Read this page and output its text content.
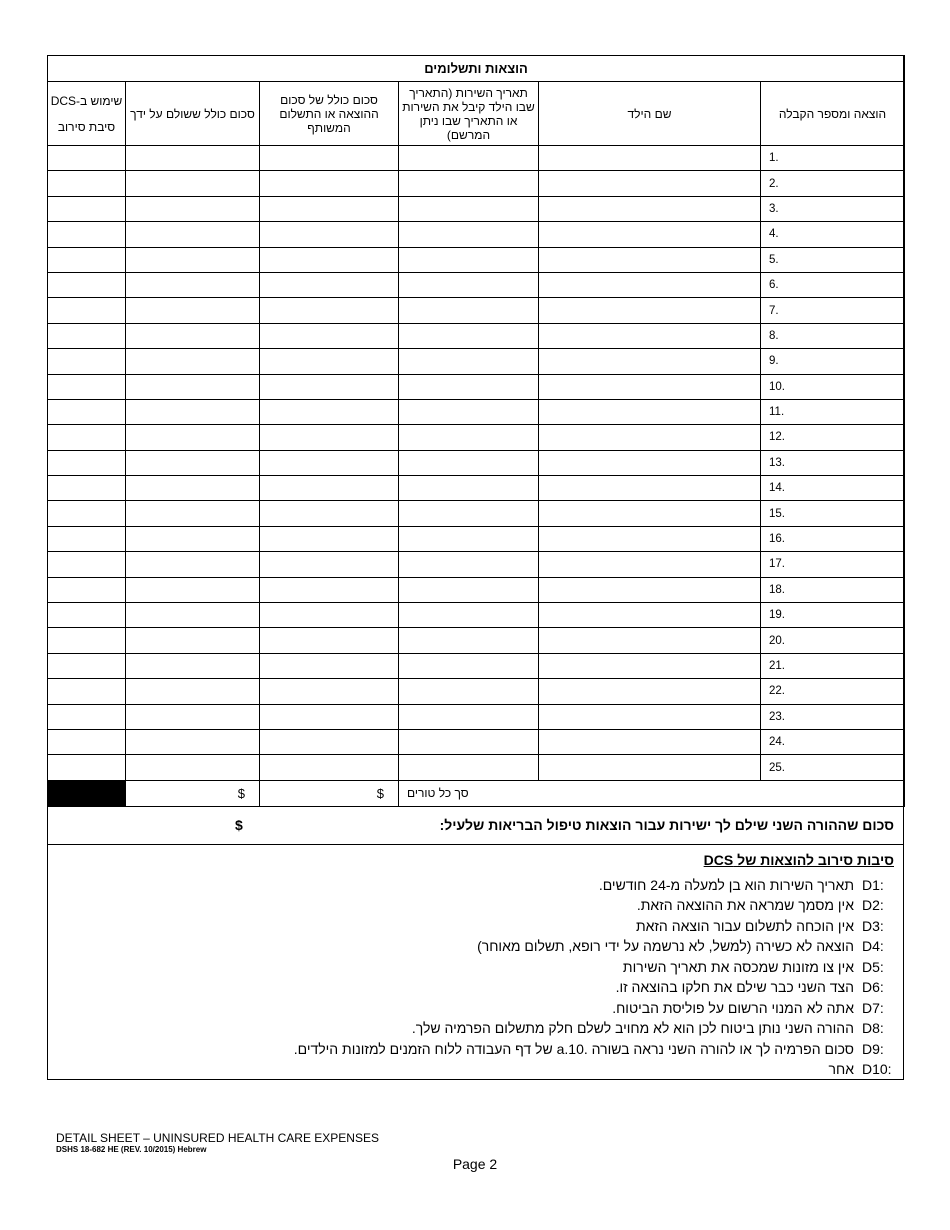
הוצאות ותשלומים					
שימוש ב-DCS
סיבת סירוב	סכום כולל ששולם על ידך	סכום כולל של סכום ההוצאה או התשלום המשותף	תאריך השירות (התאריך שבו הילד קיבל את השירות או התאריך שבו ניתן המרשם)	שם הילד	הוצאה ומספר הקבלה
					1.
					2.
					3.
					4.
					5.
					6.
					7.
					8.
					9.
					10.
					11.
					12.
					13.
					14.
					15.
					16.
					17.
					18.
					19.
					20.
					21.
					22.
					23.
					24.
					25.
	$	$	סך כל טורים		
סכום שההורה השני שילם לך ישירות עבור הוצאות טיפול הבריאות שלעיל:
$
סיבות סירוב להוצאות של DCS
תאריך השירות הוא בן למעלה מ-24 חודשים. D1:
אין מסמך שמראה את ההוצאה הזאת. D2:
אין הוכחה לתשלום עבור הוצאה הזאת D3:
הוצאה לא כשירה (למשל, לא נרשמה על ידי רופא, תשלום מאוחר) D4:
אין צו מזונות שמכסה את תאריך השירות D5:
הצד השני כבר שילם את חלקו בהוצאה זו. D6:
אתה לא המנוי הרשום על פוליסת הביטוח. D7:
ההורה השני נותן ביטוח לכן הוא לא מחויב לשלם חלק מתשלום הפרמיה שלך. D8:
סכום הפרמיה לך או להורה השני נראה בשורה .10.a של דף העבודה ללוח הזמנים למזונות הילדים. D9:
אחר D10:
DETAIL SHEET – UNINSURED HEALTH CARE EXPENSES
DSHS 18-682 HE (REV. 10/2015) Hebrew
Page 2
